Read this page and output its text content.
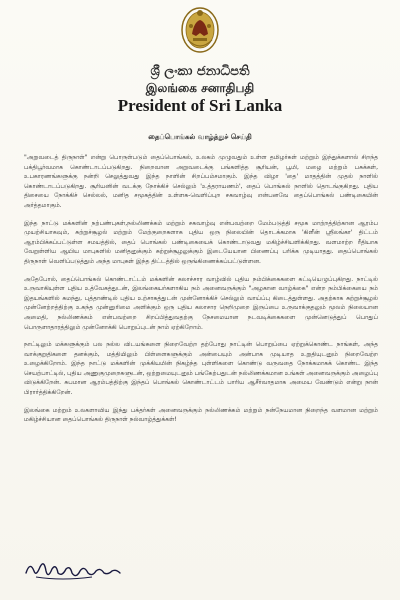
ශ්‍රී ලංකා ජනාධිපති
இலங்கை சனாதிபதி
President of Sri Lanka
தைப்பொங்கல் வாழ்த்துச் செய்தி

"அறுவடைத் திருநாள்" என்று பொருள்படும் தைப்பொங்கல், உலகம் முழுவதும் உள்ள தமிழர்கள் மற்றும் இந்துக்களால் சிறந்த பக்திபூர்வமாக கொண்டாடப்படுகிறது. நிறைவான அறுவடைக்கு பங்களித்த சூரியன், பூமி, மழை மற்றும் பசுக்கள், உபகாரணங்களுக்கு நன்றி செலுத்துவது இந்த நாளின் சிறப்பம்சமாகும். இந்த விழா 'தை' மாதத்தின் முதல் நாளில் கொண்டாடப்படுகிறது. சூரியனின் வடக்கு நோக்கிச் செல்லும் 'உத்தராயணம்', தைப் பொங்கல் நாளில் தொடங்குகிறது. புதிய திசையை நோக்கிச் செல்லல், மனித சமூகத்தின் உள்ளக-வெளிப்புற சகவாழ்வு என்பனவே தைப்பொங்கல் பண்டிகையின் அர்த்தமாகும்.

இந்த நாட்டு மக்களின் நற்பண்புகள்,நல்லிணக்கம் மற்றும் சகவாழ்வு என்பவற்றை மேம்படுத்தி சமூக மாற்றத்திற்கான ஆரம்ப முயற்சியாகவும், சுற்றுச்சூழல் மற்றும் மேற்குறைகளாக புதிய ஒரு நிலையின் தொடக்கமாக 'கிளீன் ஸ்ரீலங்கா' திட்டம் ஆரம்பிக்கப்பட்டுள்ள சமயத்தில், தைப் பொங்கல் பண்டிகையைக் கொண்டாடுவது மகிழ்ச்சியளிக்கிறது. வளமாற்ற ரீதியாக வேறுள்ளிய ஆயிய மாபுகளில் மனிதனுக்கும் சுற்றுச்சூழலுக்கும் இடையேயான பிணைப்பு பரிக்க முடியாதது. தைப்பொங்கல் திருநாள் வெளிப்படுத்தும் அந்த மாபுகள் இந்த திட்டத்தில் ஒருங்கிணைக்கப்பட்டுள்ளன.

அதேபோல், தைப்பொங்கல் கொண்டாட்டம் மக்களின் கலாச்சார வாழ்வில் புதிய நம்பிக்கைகளை கட்டியெழுப்புகிறது. நாட்டில் உருவாகியுள்ள புதிய உத்வேகத்துடன், இலங்கையர்களாகிய நம் அனைவருக்கும் "அழகான வாழ்க்கை" என்ற நம்பிக்கையை நம் இதயங்களில் சுமந்து, புத்தாண்டில் புதிய உற்சாகத்துடன் முன்னோக்கிச் செல்லும் வாய்ப்பு கிடைத்துள்ளது. அதற்காக சுற்றுச்சூழல் முன்னேற்றத்திற்கு உகந்த முன்னுரிமை அளிக்கும் ஒரு புதிய கலாசார நெறிமுறை இருப்பை உருவாக்குதலும் மூலம் நிலையான அமைதி, நல்லிணக்கம் என்பவற்றை சிறப்பித்துவதற்கு நேசமையான நடவடிக்கைகளை முன்னெடுத்துப் பொதுப் பொருளாதாரத்திலும் முன்னோக்கி பொறுப்புடன் நாம் ஏற்கிறோம்.

நாட்டிலும் மக்களுக்கும் பல நல்ல விடயங்களை நிறைவேற்ற தற்போது நாட்டின் பொறுப்பை ஏற்றுக்கொண்ட நாங்கள், அந்த வாக்குறுதிகளை தனக்கும், மத்தியிலும் பிள்ளைகளுக்கும் அன்பையும் அன்பாக முடியாத உறுதியுடனும் நிறைவேற்ற உழைக்கிறோம். இந்த நாட்டு மக்களின் முக்கியமின் நிகழ்ந்த புள்ளிகளை கொண்டு வருவதை நோக்கமாகக் கொண்ட இந்த செயற்பாட்டில், புதிய அணுகுமுறைகளுடன், ஒற்றுமையுடனும் பங்கேற்பதுடன் நல்லிணக்கமான உங்கள் அனைவருக்கும் அழைப்பு விடுக்கிறேன். சுபமான ஆரம்பத்திற்கு இந்தப் பொங்கல் கொண்டாட்டம் பாரிய ஆசீர்வாதமாக அமைய வேண்டும் என்று நான் பிரார்த்திக்கிறேன்.

இலங்கை மற்றும் உலகளாவிய இந்து பக்தர்கள் அனைவருக்கும் நல்லிணக்கம் மற்றும் நன்நேயமான நிறைந்த வளமான மற்றும் மகிழ்ச்சியான தைப்பொங்கல் திருநாள் நல்வாழ்த்துக்கள்!
